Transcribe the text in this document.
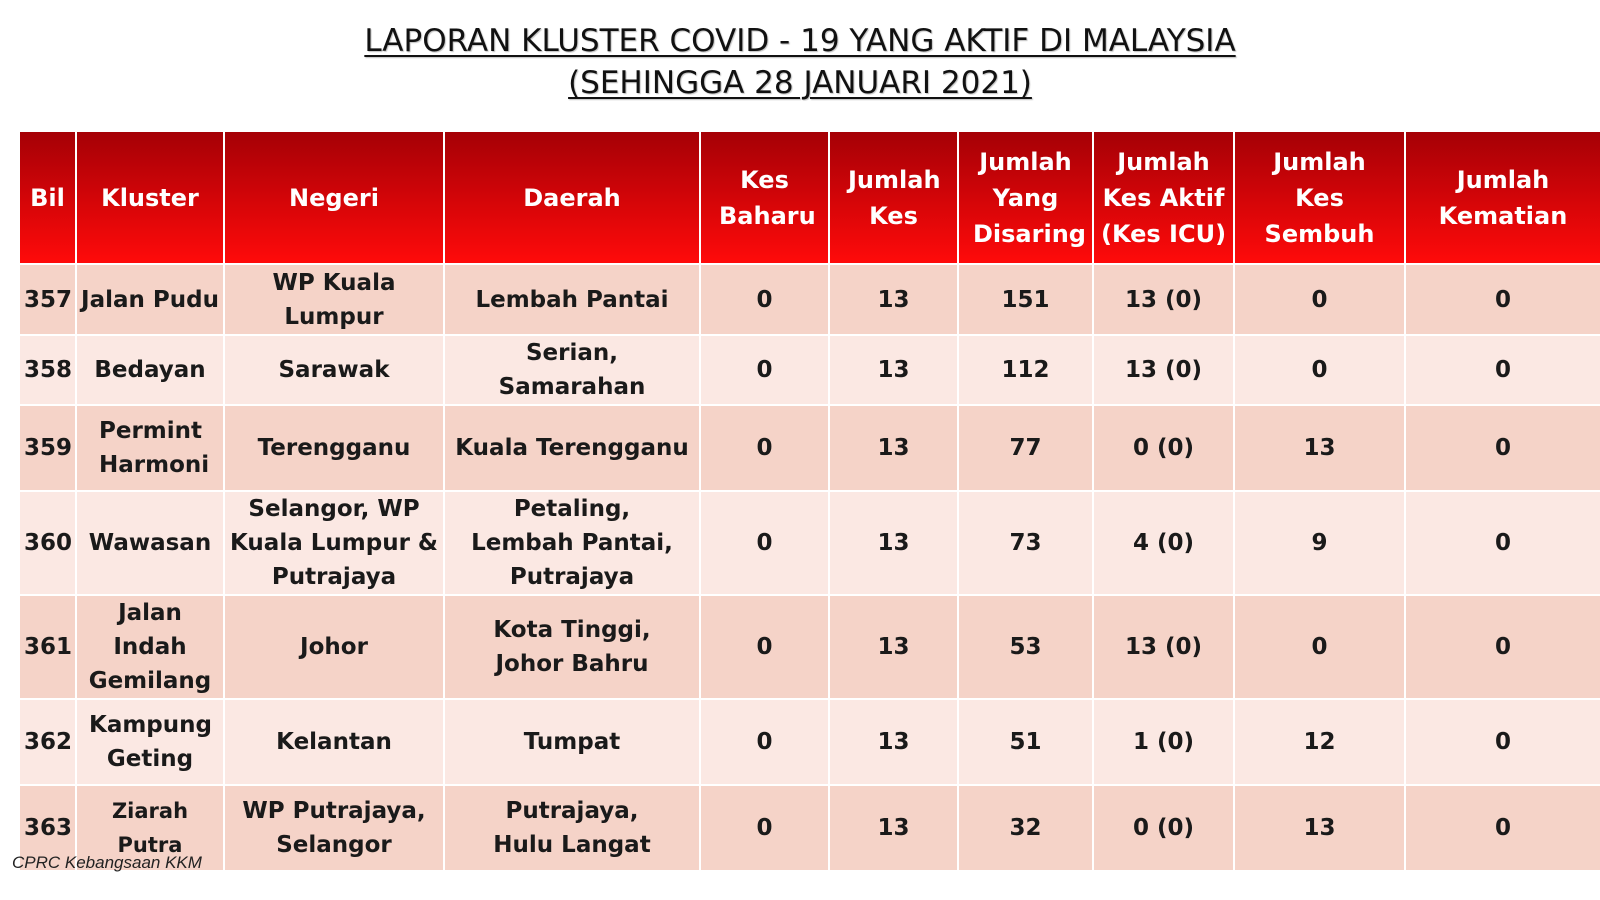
LAPORAN KLUSTER COVID - 19 YANG AKTIF DI MALAYSIA
(SEHINGGA 28 JANUARI 2021)
Bil	Kluster	Negeri	Daerah	Kes Baharu	Jumlah Kes	Jumlah Yang Disaring	Jumlah Kes Aktif (Kes ICU)	Jumlah Kes Sembuh	Jumlah Kematian
357	Jalan Pudu	WP Kuala Lumpur	Lembah Pantai	0	13	151	13 (0)	0	0
358	Bedayan	Sarawak	Serian, Samarahan	0	13	112	13 (0)	0	0
359	Permint Harmoni	Terengganu	Kuala Terengganu	0	13	77	0 (0)	13	0
360	Wawasan	Selangor, WP Kuala Lumpur & Putrajaya	Petaling, Lembah Pantai, Putrajaya	0	13	73	4 (0)	9	0
361	Jalan Indah Gemilang	Johor	Kota Tinggi, Johor Bahru	0	13	53	13 (0)	0	0
362	Kampung Geting	Kelantan	Tumpat	0	13	51	1 (0)	12	0
363	Ziarah Putra	WP Putrajaya, Selangor	Putrajaya, Hulu Langat	0	13	32	0 (0)	13	0
CPRC Kebangsaan KKM
